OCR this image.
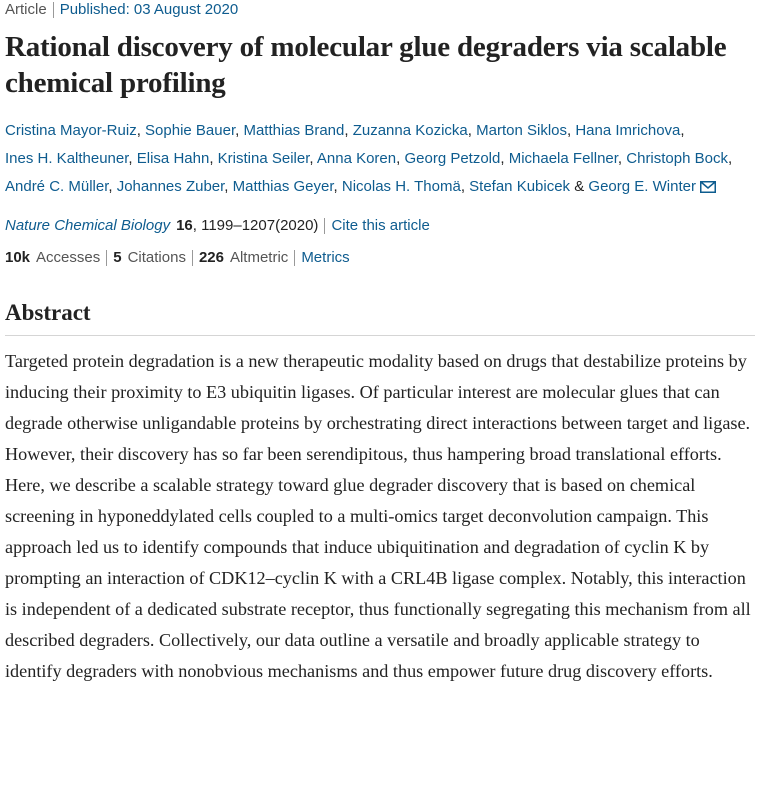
Article Published: 03 August 2020
Rational discovery of molecular glue degraders via scalable chemical profiling
Cristina Mayor-Ruiz, Sophie Bauer, Matthias Brand, Zuzanna Kozicka, Marton Siklos, Hana Imrichova, Ines H. Kaltheuner, Elisa Hahn, Kristina Seiler, Anna Koren, Georg Petzold, Michaela Fellner, Christoph Bock, André C. Müller, Johannes Zuber, Matthias Geyer, Nicolas H. Thomä, Stefan Kubicek & Georg E. Winter
Nature Chemical Biology 16 , 1199–1207(2020) Cite this article
10k Accesses 5 Citations 226 Altmetric Metrics
Abstract

Targeted protein degradation is a new therapeutic modality based on drugs that destabilize proteins by inducing their proximity to E3 ubiquitin ligases. Of particular interest are molecular glues that can degrade otherwise unligandable proteins by orchestrating direct interactions between target and ligase. However, their discovery has so far been serendipitous, thus hampering broad translational efforts. Here, we describe a scalable strategy toward glue degrader discovery that is based on chemical screening in hyponeddylated cells coupled to a multi-omics target deconvolution campaign. This approach led us to identify compounds that induce ubiquitination and degradation of cyclin K by prompting an interaction of CDK12–cyclin K with a CRL4B ligase complex. Notably, this interaction is independent of a dedicated substrate receptor, thus functionally segregating this mechanism from all described degraders. Collectively, our data outline a versatile and broadly applicable strategy to identify degraders with nonobvious mechanisms and thus empower future drug discovery efforts.
